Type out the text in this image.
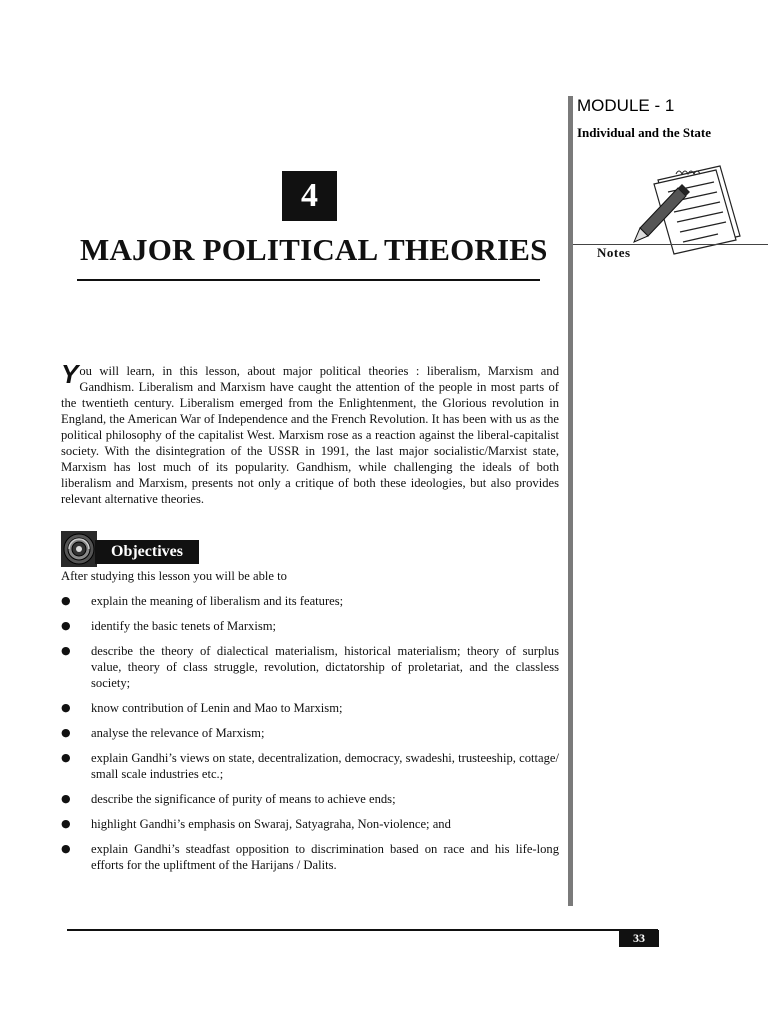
MODULE - 1
Individual and the State
Notes
4
MAJOR POLITICAL THEORIES
You will learn, in this lesson, about major political theories : liberalism, Marxism and Gandhism. Liberalism and Marxism have caught the attention of the people in most parts of the twentieth century. Liberalism emerged from the Enlightenment, the Glorious revolution in England, the American War of Independence and the French Revolution. It has been with us as the political philosophy of the capitalist West. Marxism rose as a reaction against the liberal-capitalist society. With the disintegration of the USSR in 1991, the last major socialistic/Marxist state, Marxism has lost much of its popularity. Gandhism, while challenging the ideals of both liberalism and Marxism, presents not only a critique of both these ideologies, but also provides relevant alternative theories.
Objectives
After studying this lesson you will be able to
● explain the meaning of liberalism and its features;
● identify the basic tenets of Marxism;
● describe the theory of dialectical materialism, historical materialism; theory of surplus value, theory of class struggle, revolution, dictatorship of proletariat, and the classless society;
● know contribution of Lenin and Mao to Marxism;
● analyse the relevance of Marxism;
● explain Gandhi’s views on state, decentralization, democracy, swadeshi, trusteeship, cottage/ small scale industries etc.;
● describe the significance of purity of means to achieve ends;
● highlight Gandhi’s emphasis on Swaraj, Satyagraha, Non-violence; and
● explain Gandhi’s steadfast opposition to discrimination based on race and his life-long efforts for the upliftment of the Harijans / Dalits.
33
